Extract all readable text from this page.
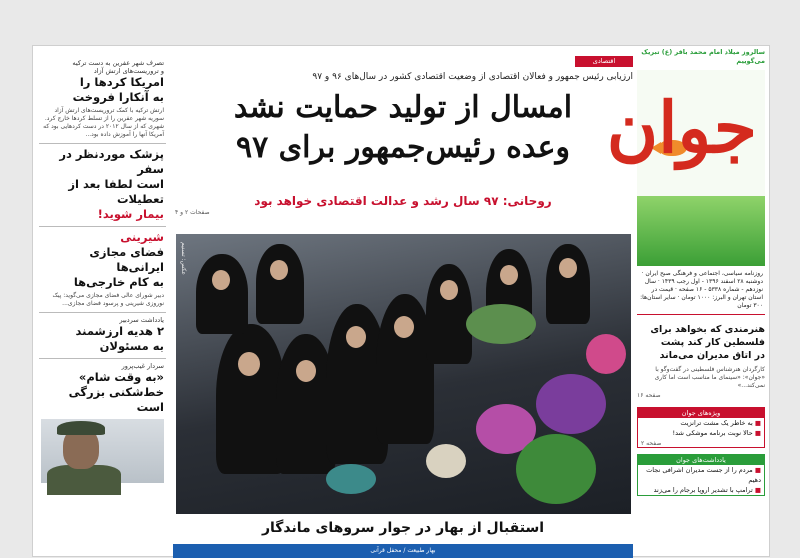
تصرف شهر عفرین به دست ترکیه
و تروریست‌های ارتش آزاد
امریکا کردها را
به آنکارا فروخت
ارتش ترکیه با کمک تروریست‌های ارتش آزاد سوریه شهر عفرین را از تسلط کردها خارج کرد. شهری که از سال ۲۰۱۲ در دست کردهایی بود که آمریکا آنها را آموزش داده بود...
پزشک موردنظر در سفر
است لطفا بعد از تعطیلات
بیمار شوید!
شیرینی
فضای مجازی ایرانی‌ها
به کام خارجی‌ها
دبیر شورای عالی فضای مجازی می‌گوید: پیک نوروزی شیرینی و پرسود فضای مجازی...
یادداشت سردبیر
۲ هدیه ارزشمند
به مسئولان
سردار غیب‌پرور
«به وقت شام»
خط‌شکنی بزرگی است
اقتصادی
ارزیابی رئیس جمهور و فعالان اقتصادی از وضعیت اقتصادی کشور در سال‌های ۹۶ و ۹۷
امسال از تولید حمایت نشد
وعده رئیس‌جمهور برای ۹۷
روحانی: ۹۷ سال رشد و عدالت اقتصادی خواهد بود
صفحات ۲ و ۴
عکس: تسنیم
استقبال از بهار در جوار سروهای ماندگار
بهار طبیعت / محفل قرآنی
سالروز میلاد امام محمد باقر (ع) تبریک می‌گوییم
جوان
روزنامه سیاسی، اجتماعی و فرهنگی صبح ایران · دوشنبه ۲۸ اسفند ۱۳۹۶ - اول رجب ۱۴۳۹ · سال نوزدهم - شماره ۵۳۳۸ - ۱۶ صفحه · قیمت در استان تهران و البرز: ۱۰۰۰ تومان · سایر استان‌ها: ۳۰۰ تومان
هنرمندی که بخواهد برای
فلسطین کار کند پشت
در اتاق مدیران می‌ماند
کارگردان هنرشناس فلسطینی در گفت‌وگو با «جوان»: «سینمای ما مناسب است اما کاری نمی‌کند...»
صفحه ۱۶
ویژه‌های جوان
■ به خاطر یک مشت ترانزیت
■ حالا نوبت برنامه موشکی شد!
صفحه ۲
یادداشت‌های جوان
■ مردم را از جست مدیران اشرافی نجات دهیم
■ ترامپ با تشدیر اروپا برجام را می‌زند
